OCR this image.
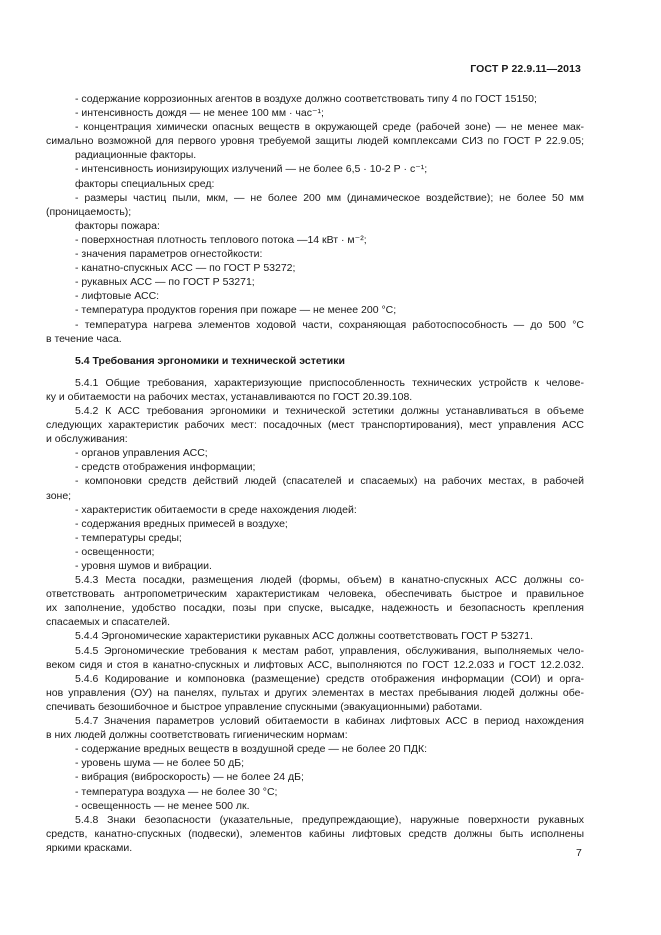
ГОСТ Р 22.9.11—2013
- содержание коррозионных агентов в воздухе должно соответствовать типу 4 по ГОСТ 15150;
- интенсивность дождя — не менее 100 мм · час⁻¹;
- концентрация химически опасных веществ в окружающей среде (рабочей зоне) — не менее мак-
симально возможной для первого уровня требуемой защиты людей комплексами СИЗ по ГОСТ Р 22.9.05;
радиационные факторы.
- интенсивность ионизирующих излучений — не более 6,5 · 10-2 Р · с⁻¹;
факторы специальных сред:
- размеры частиц пыли, мкм, — не более 200 мм (динамическое воздействие); не более 50 мм
(проницаемость);
факторы пожара:
- поверхностная плотность теплового потока —14 кВт · м⁻²;
- значения параметров огнестойкости:
- канатно-спускных АСС — по ГОСТ Р 53272;
- рукавных АСС — по ГОСТ Р 53271;
- лифтовые АСС:
- температура продуктов горения при пожаре — не менее 200 °С;
- температура нагрева элементов ходовой части, сохраняющая работоспособность — до 500 °С
в течение часа.
5.4 Требования эргономики и технической эстетики
5.4.1 Общие требования, характеризующие приспособленность технических устройств к челове-
ку и обитаемости на рабочих местах, устанавливаются по ГОСТ 20.39.108.
5.4.2 К АСС требования эргономики и технической эстетики должны устанавливаться в объеме
следующих характеристик рабочих мест: посадочных (мест транспортирования), мест управления АСС
и обслуживания:
- органов управления АСС;
- средств отображения информации;
- компоновки средств действий людей (спасателей и спасаемых) на рабочих местах, в рабочей
зоне;
- характеристик обитаемости в среде нахождения людей:
- содержания вредных примесей в воздухе;
- температуры среды;
- освещенности;
- уровня шумов и вибрации.
5.4.3 Места посадки, размещения людей (формы, объем) в канатно-спускных АСС должны со-
ответствовать антропометрическим характеристикам человека, обеспечивать быстрое и правильное
их заполнение, удобство посадки, позы при спуске, высадке, надежность и безопасность крепления
спасаемых и спасателей.
5.4.4 Эргономические характеристики рукавных АСС должны соответствовать ГОСТ Р 53271.
5.4.5 Эргономические требования к местам работ, управления, обслуживания, выполняемых чело-
веком сидя и стоя в канатно-спускных и лифтовых АСС, выполняются по ГОСТ 12.2.033 и ГОСТ 12.2.032.
5.4.6 Кодирование и компоновка (размещение) средств отображения информации (СОИ) и орга-
нов управления (ОУ) на панелях, пультах и других элементах в местах пребывания людей должны обе-
спечивать безошибочное и быстрое управление спускными (эвакуационными) работами.
5.4.7 Значения параметров условий обитаемости в кабинах лифтовых АСС в период нахождения
в них людей должны соответствовать гигиеническим нормам:
- содержание вредных веществ в воздушной среде — не более 20 ПДК:
- уровень шума — не более 50 дБ;
- вибрация (виброскорость) — не более 24 дБ;
- температура воздуха — не более 30 °С;
- освещенность — не менее 500 лк.
5.4.8 Знаки безопасности (указательные, предупреждающие), наружные поверхности рукавных
средств, канатно-спускных (подвески), элементов кабины лифтовых средств должны быть исполнены
яркими красками.	7
